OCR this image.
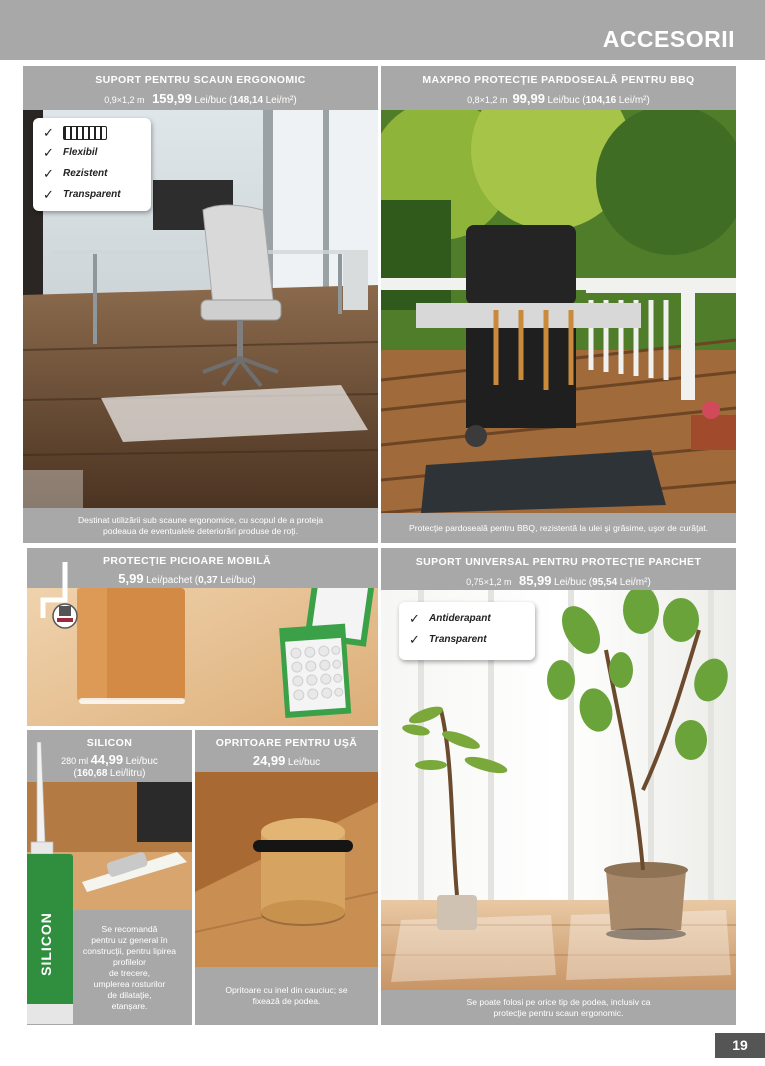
ACCESORII
SUPORT PENTRU SCAUN ERGONOMIC
0,9×1,2 m 159,99 Lei/buc (148,14 Lei/m²)
✓
✓ Flexibil
✓ Rezistent
✓ Transparent
Destinat utilizării sub scaune ergonomice, cu scopul de a proteja podeaua de eventualele deteriorări produse de roţi.
MAXPRO PROTECŢIE PARDOSEALĂ PENTRU BBQ
0,8×1,2 m 99,99 Lei/buc (104,16 Lei/m²)
Protecţie pardoseală pentru BBQ, rezistentă la ulei şi grăsime, uşor de curăţat.
PROTECŢIE PICIOARE MOBILĂ
5,99 Lei/pachet (0,37 Lei/buc)
SUPORT UNIVERSAL PENTRU PROTECŢIE PARCHET
0,75×1,2 m 85,99 Lei/buc (95,54 Lei/m²)
✓ Antiderapant
✓ Transparent
Se poate folosi pe orice tip de podea, inclusiv ca protecţie pentru scaun ergonomic.
SILICON
280 ml 44,99 Lei/buc
(160,68 Lei/litru)
Se recomandă
pentru uz general în
construcţii, pentru lipirea
profilelor
de trecere,
umplerea rosturilor
de dilataţie,
etanşare.
SILICON
OPRITOARE PENTRU UŞĂ
24,99 Lei/buc
Opritoare cu inel din cauciuc; se fixează de podea.
19
